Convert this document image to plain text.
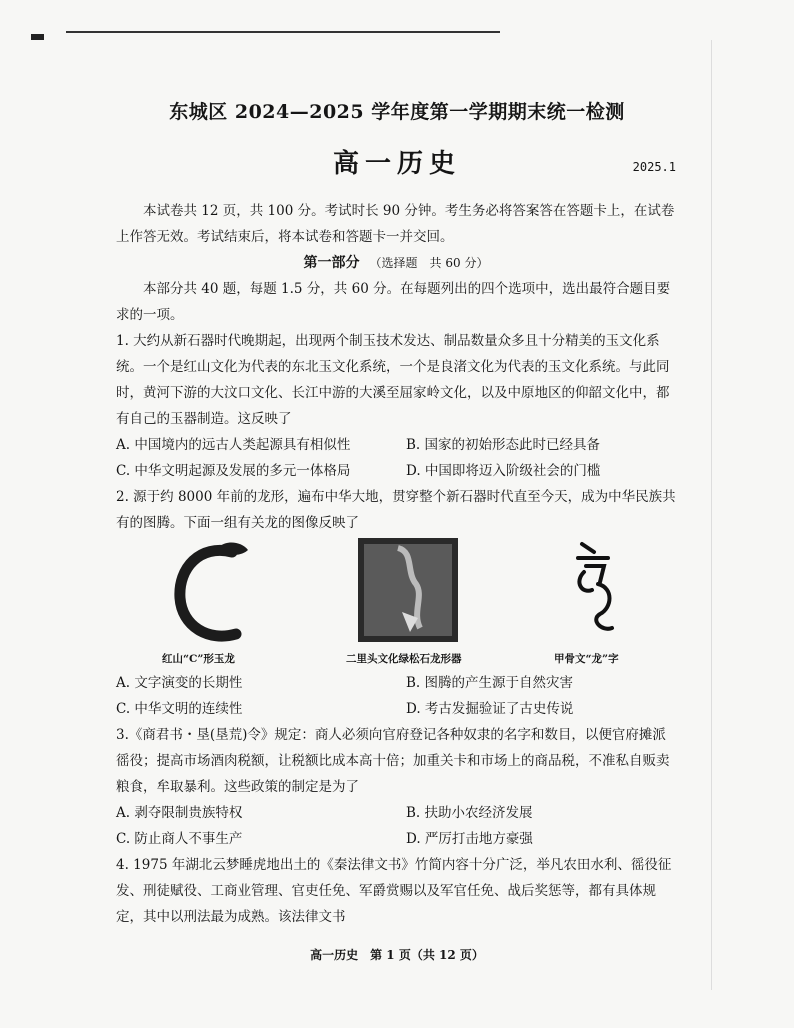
东城区 2024—2025 学年度第一学期期末统一检测
高一历史	2025.1

本试卷共 12 页，共 100 分。考试时长 90 分钟。考生务必将答案答在答题卡上，在试卷上作答无效。考试结束后，将本试卷和答题卡一并交回。

第一部分 （选择题　共 60 分）

本部分共 40 题，每题 1.5 分，共 60 分。在每题列出的四个选项中，选出最符合题目要求的一项。

1. 大约从新石器时代晚期起，出现两个制玉技术发达、制品数量众多且十分精美的玉文化系统。一个是红山文化为代表的东北玉文化系统，一个是良渚文化为代表的玉文化系统。与此同时，黄河下游的大汶口文化、长江中游的大溪至屈家岭文化，以及中原地区的仰韶文化中，都有自己的玉器制造。这反映了

A. 中国境内的远古人类起源具有相似性	B. 国家的初始形态此时已经具备
C. 中华文明起源及发展的多元一体格局	D. 中国即将迈入阶级社会的门槛

2. 源于约 8000 年前的龙形，遍布中华大地，贯穿整个新石器时代直至今天，成为中华民族共有的图腾。下面一组有关龙的图像反映了

红山“C”形玉龙	二里头文化绿松石龙形器	甲骨文“龙”字
A. 文字演变的长期性	B. 图腾的产生源于自然灾害
C. 中华文明的连续性	D. 考古发掘验证了古史传说

3.《商君书・垦(垦荒)令》规定：商人必须向官府登记各种奴隶的名字和数目，以便官府摊派徭役；提高市场酒肉税额，让税额比成本高十倍；加重关卡和市场上的商品税，不准私自贩卖粮食，牟取暴利。这些政策的制定是为了

A. 剥夺限制贵族特权	B. 扶助小农经济发展
C. 防止商人不事生产	D. 严厉打击地方豪强

4. 1975 年湖北云梦睡虎地出土的《秦法律文书》竹简内容十分广泛，举凡农田水利、徭役征发、刑徒赋役、工商业管理、官吏任免、军爵赏赐以及军官任免、战后奖惩等，都有具体规定，其中以刑法最为成熟。该法律文书

高一历史　第 1 页（共 12 页）
